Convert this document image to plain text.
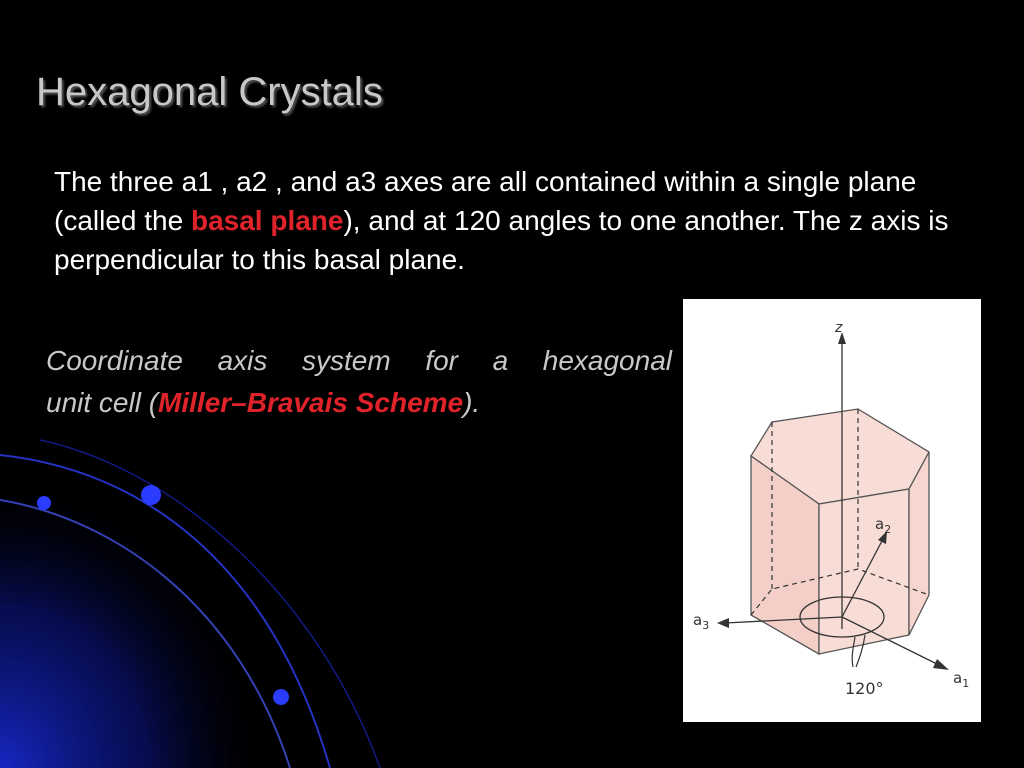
Hexagonal Crystals
The three a1 , a2 , and a3 axes are all contained within a single plane (called the basal plane), and at 120 angles to one another. The z axis is perpendicular to this basal plane.
Coordinate axis system for a hexagonal
unit cell (Miller–Bravais Scheme).
z
$a_2$
$a_3$
$a_1$
120°
